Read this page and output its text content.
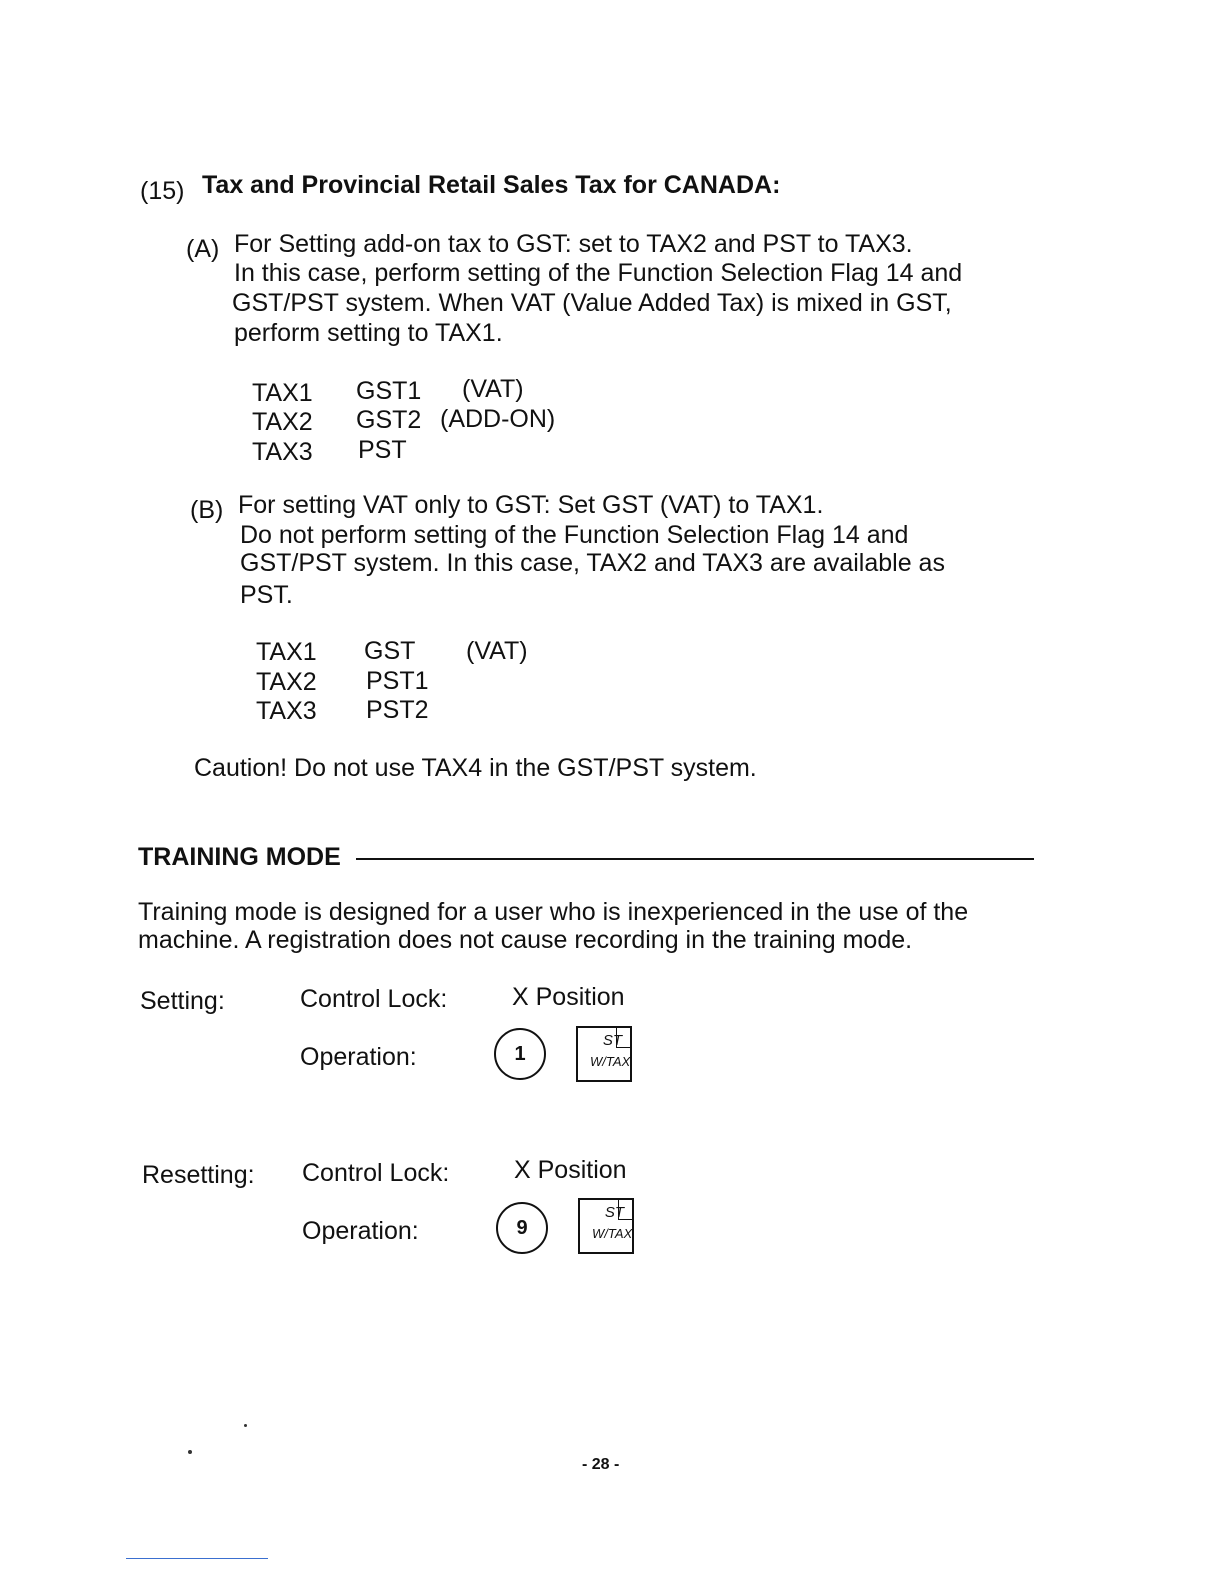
(15) Tax and Provincial Retail Sales Tax for CANADA:
(A) For Setting add-on tax to GST: set to TAX2 and PST to TAX3.
In this case, perform setting of the Function Selection Flag 14 and
GST/PST system. When VAT (Value Added Tax) is mixed in GST,
perform setting to TAX1.
TAX1 GST1 (VAT)
TAX2 GST2 (ADD-ON)
TAX3 PST
(B) For setting VAT only to GST: Set GST (VAT) to TAX1.
Do not perform setting of the Function Selection Flag 14 and
GST/PST system. In this case, TAX2 and TAX3 are available as
PST.
TAX1 GST (VAT)
TAX2 PST1
TAX3 PST2
Caution! Do not use TAX4 in the GST/PST system.
TRAINING MODE
Training mode is designed for a user who is inexperienced in the use of the
machine. A registration does not cause recording in the training mode.
Setting:	Control Lock:	X Position
Operation:	1
ST
W/TAX
Resetting: Control Lock:	X Position
Operation:	9
ST
W/TAX
- 28 -
